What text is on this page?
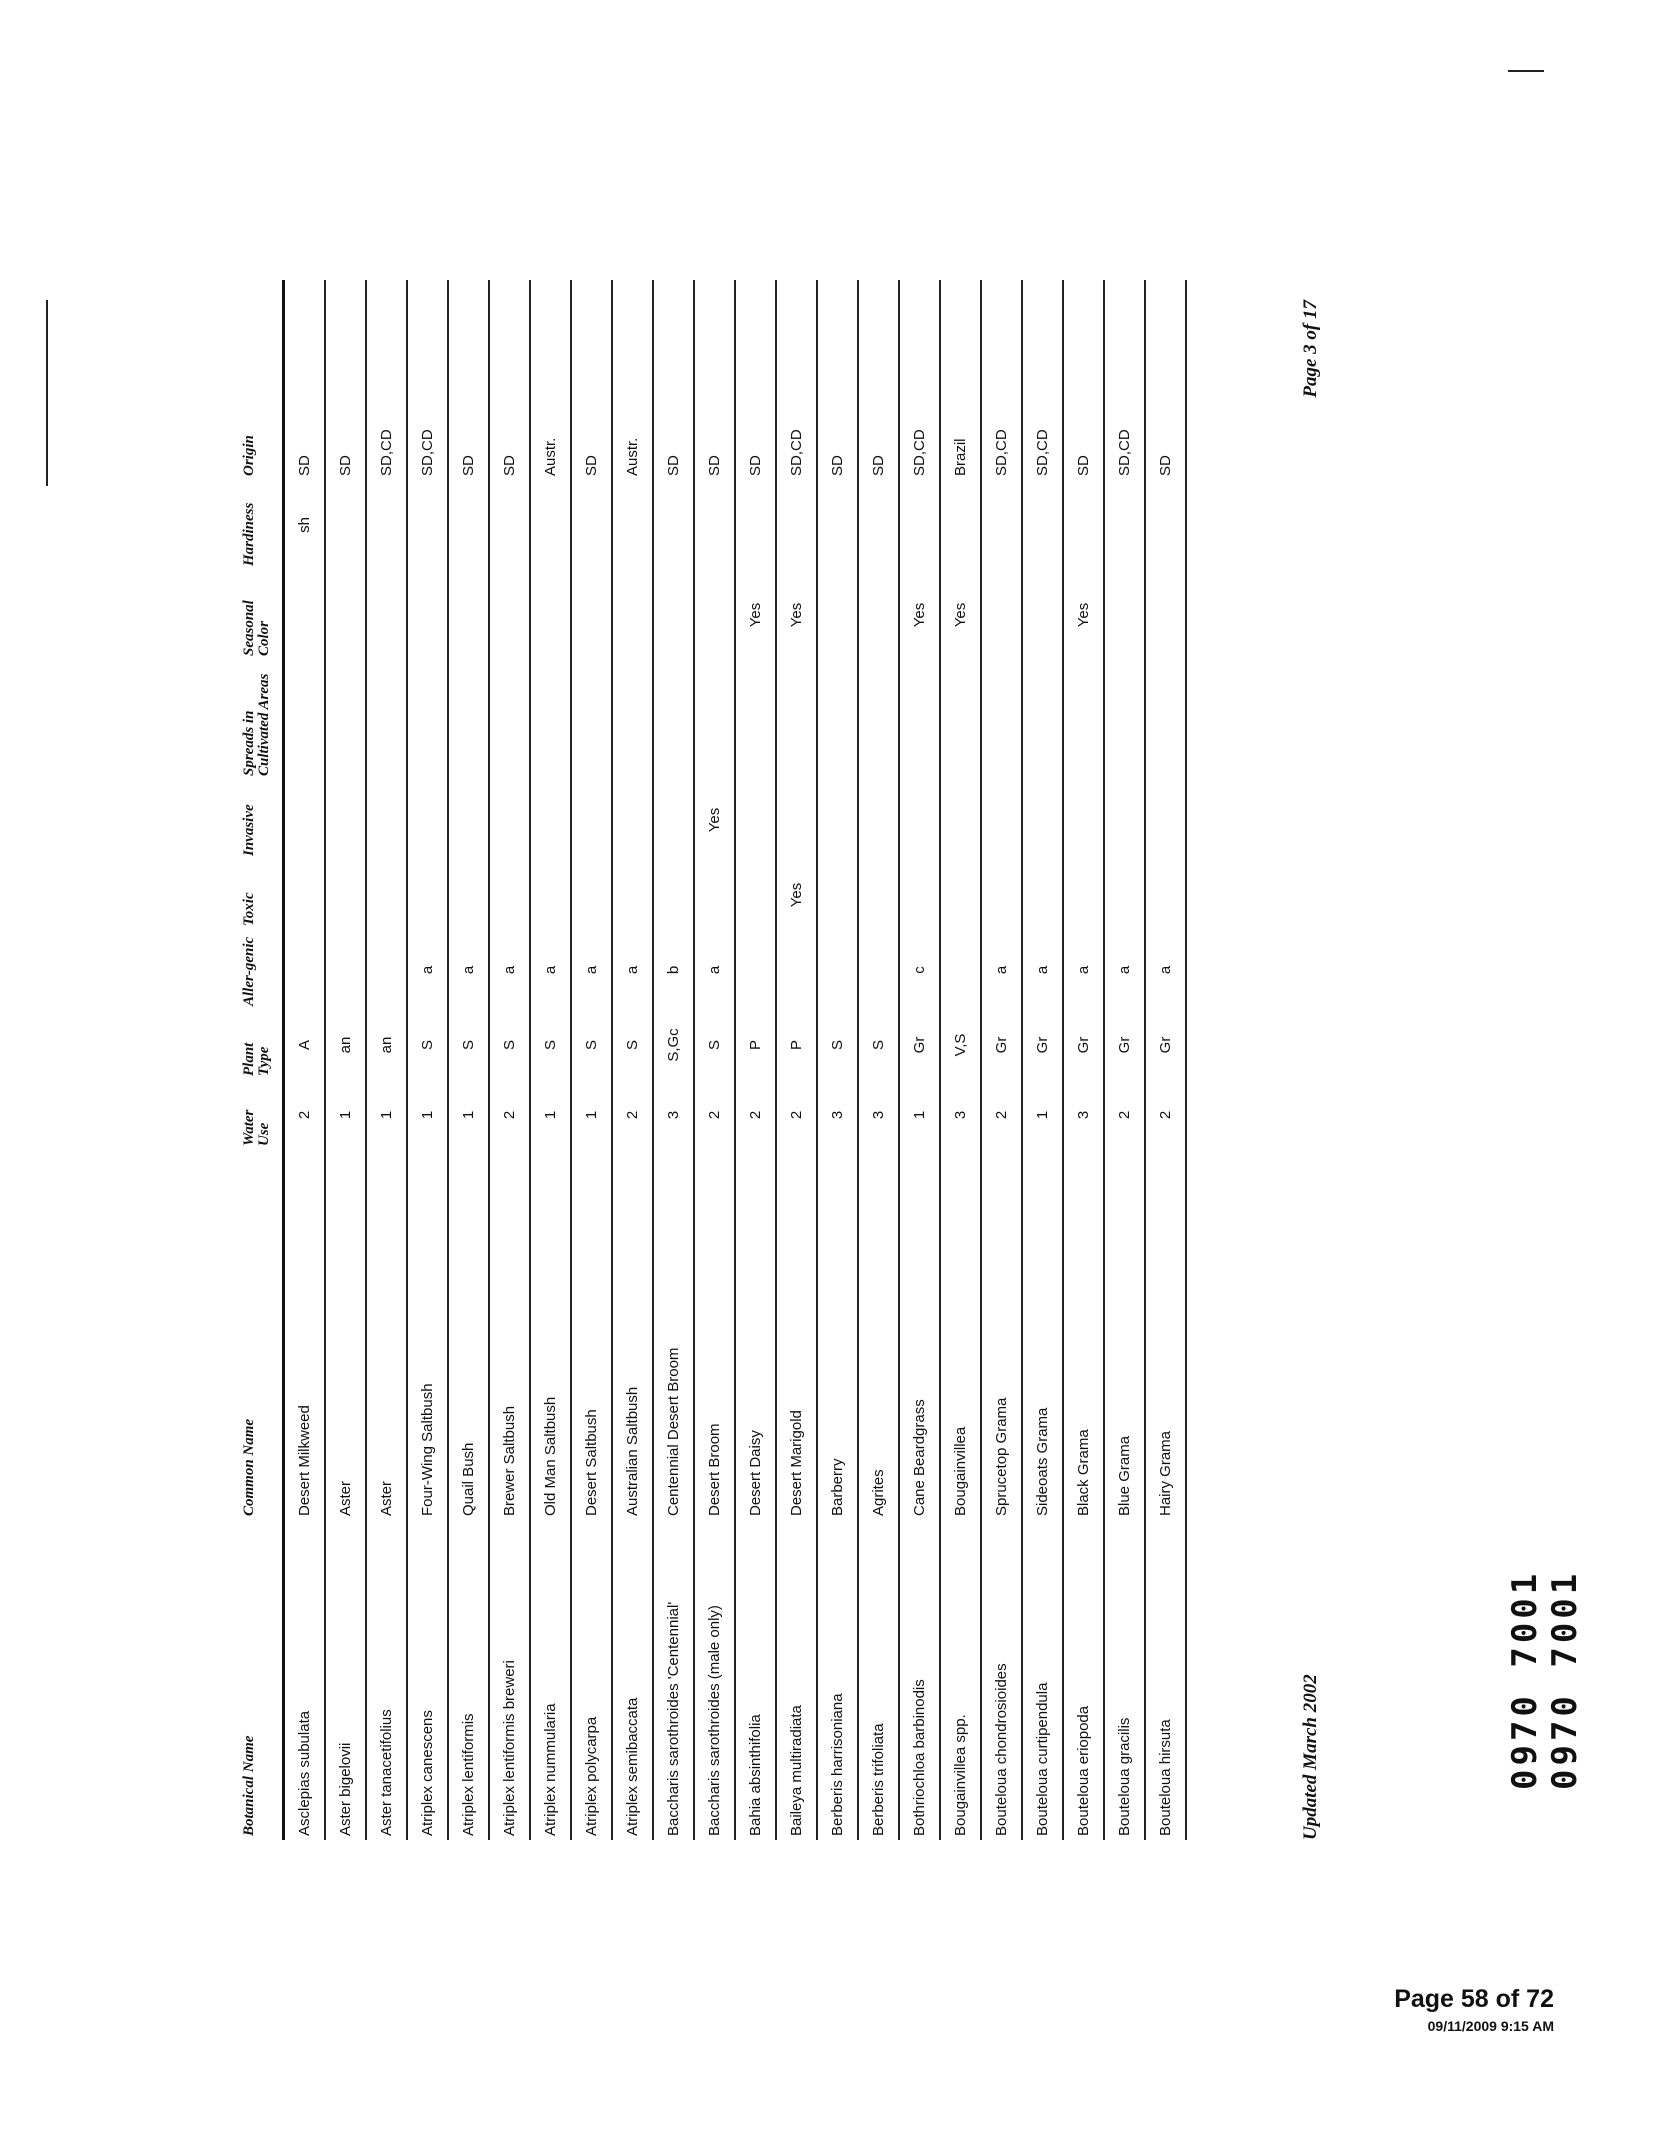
Botanical Name	Common Name	Water Use	Plant Type	Aller-genic	Toxic	Invasive	Spreads in Cultivated Areas	Seasonal Color	Hardiness	Origin
Asclepias subulata	Desert Milkweed	2	A						sh	SD
Aster bigelovii	Aster	1	an							SD
Aster tanacetifolius	Aster	1	an							SD,CD
Atriplex canescens	Four-Wing Saltbush	1	S	a						SD,CD
Atriplex lentiformis	Quail Bush	1	S	a						SD
Atriplex lentiformis breweri	Brewer Saltbush	2	S	a						SD
Atriplex nummularia	Old Man Saltbush	1	S	a						Austr.
Atriplex polycarpa	Desert Saltbush	1	S	a						SD
Atriplex semibaccata	Australian Saltbush	2	S	a						Austr.
Baccharis sarothroides 'Centennial'	Centennial Desert Broom	3	S,Gc	b						SD
Baccharis sarothroides (male only)	Desert Broom	2	S	a		Yes				SD
Bahia absinthifolia	Desert Daisy	2	P					Yes		SD
Baileya multiradiata	Desert Marigold	2	P		Yes			Yes		SD,CD
Berberis harrisoniana	Barberry	3	S							SD
Berberis trifoliata	Agrites	3	S							SD
Bothriochloa barbinodis	Cane Beardgrass	1	Gr	c				Yes		SD,CD
Bougainvillea spp.	Bougainvillea	3	V,S					Yes		Brazil
Bouteloua chondrosioides	Sprucetop Grama	2	Gr	a						SD,CD
Bouteloua curtipendula	Sideoats Grama	1	Gr	a						SD,CD
Bouteloua eriopoda	Black Grama	3	Gr	a				Yes		SD
Bouteloua gracilis	Blue Grama	2	Gr	a						SD,CD
Bouteloua hirsuta	Hairy Grama	2	Gr	a						SD
Updated March 2002
Page 3 of 17
0970 7001 0970 7001
Page 58 of 72
09/11/2009 9:15 AM
